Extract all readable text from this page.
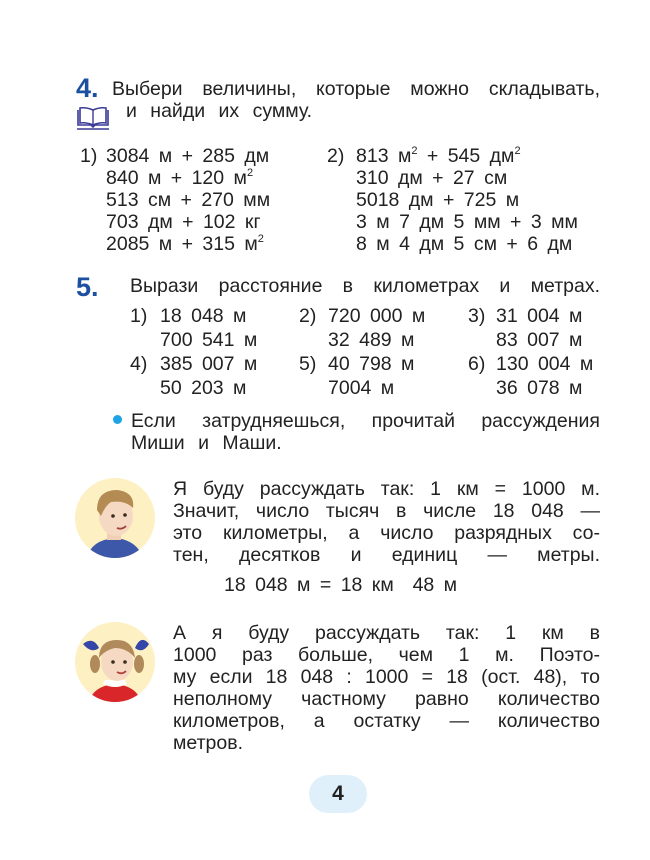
4. Выбери величины, которые можно складывать,
и найди их сумму.
1) 3084 м + 285 дм
840 м + 120 $м^2$
513 см + 270 мм
703 дм + 102 кг
2085 м + 315 $м^2$
2) 813 $м^2 + 545$ $дм^2$
310 дм + 27 см
5018 дм + 725 м
3 м 7 дм 5 мм + 3 мм
8 м 4 дм 5 см + 6 дм
5. Вырази расстояние в километрах и метрах.
1) 18 048 м
700 541 м
2) 720 000 м
32 489 м
3) 31 004 м
83 007 м
4) 385 007 м
50 203 м
5) 40 798 м
7004 м
6) 130 004 м
36 078 м
Если затрудняешься, прочитай рассуждения
Миши и Маши.
Я буду рассуждать так: 1 км = 1000 м.
Значит, число тысяч в числе 18 048 —
это километры, а число разрядных со-
тен, десятков и единиц — метры.
18 048 м = 18 км  48 м
А я буду рассуждать так: 1 км в
1000 раз больше, чем 1 м. Поэто-
му если 18 048 : 1000 = 18 (ост. 48), то
неполному частному равно количество
километров, а остатку — количество
метров.
4
